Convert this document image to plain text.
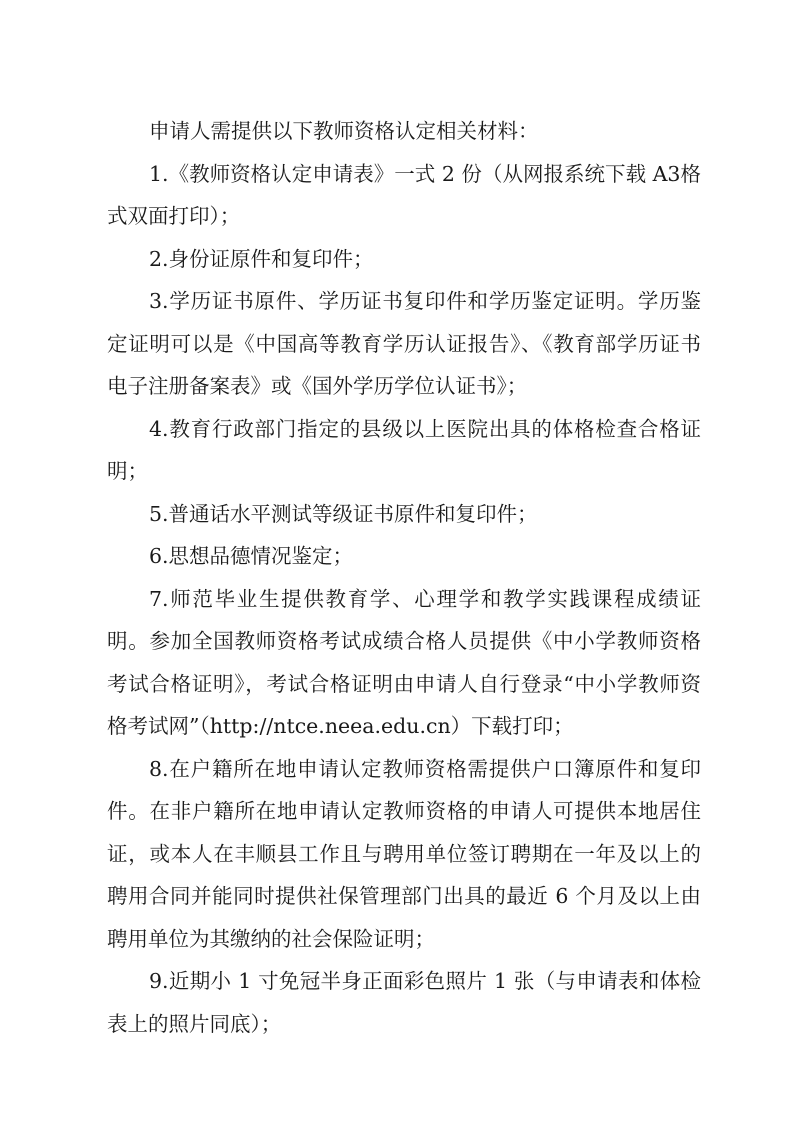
申请人需提供以下教师资格认定相关材料：

1.《教师资格认定申请表》一式 2 份（从网报系统下载 A3格式双面打印）；

2.身份证原件和复印件；

3.学历证书原件、学历证书复印件和学历鉴定证明。学历鉴定证明可以是《中国高等教育学历认证报告》、《教育部学历证书电子注册备案表》或《国外学历学位认证书》；

4.教育行政部门指定的县级以上医院出具的体格检查合格证明；

5.普通话水平测试等级证书原件和复印件；

6.思想品德情况鉴定；

7.师范毕业生提供教育学、心理学和教学实践课程成绩证明。参加全国教师资格考试成绩合格人员提供《中小学教师资格考试合格证明》，考试合格证明由申请人自行登录“中小学教师资格考试网”（http://ntce.neea.edu.cn）下载打印；

8.在户籍所在地申请认定教师资格需提供户口簿原件和复印件。在非户籍所在地申请认定教师资格的申请人可提供本地居住证，或本人在丰顺县工作且与聘用单位签订聘期在一年及以上的聘用合同并能同时提供社保管理部门出具的最近 6 个月及以上由聘用单位为其缴纳的社会保险证明；

9.近期小 1 寸免冠半身正面彩色照片 1 张（与申请表和体检表上的照片同底）；
